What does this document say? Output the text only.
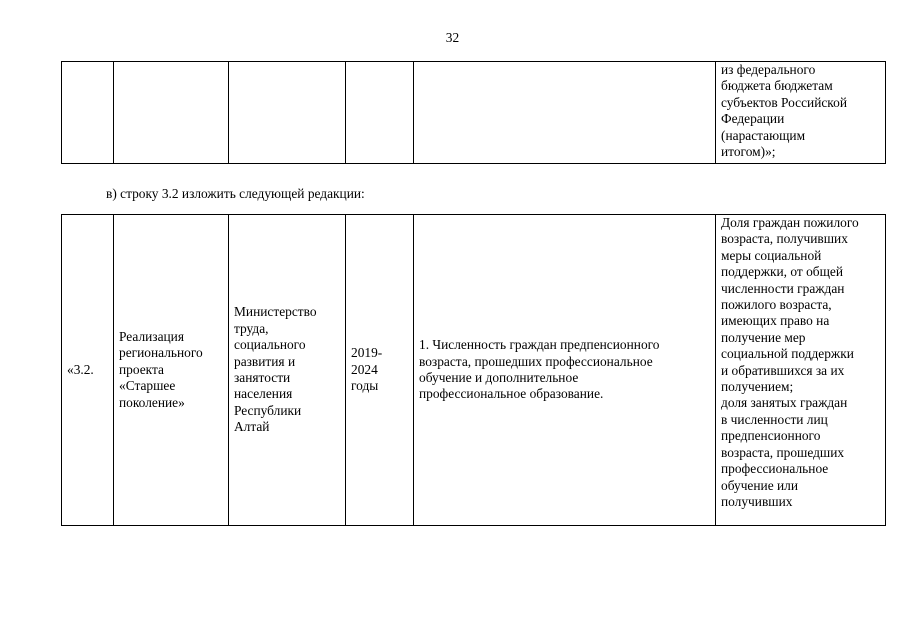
32
					из федерального
бюджета бюджетам
субъектов Российской
Федерации
(нарастающим
итогом)»;
в) строку 3.2 изложить следующей редакции:
«3.2.	Реализация
регионального
проекта
«Старшее
поколение»	Министерство
труда,
социального
развития и
занятости
населения
Республики
Алтай	2019-
2024
годы	1. Численность граждан предпенсионного
возраста, прошедших профессиональное
обучение и дополнительное
профессиональное образование.	Доля граждан пожилого
возраста, получивших
меры социальной
поддержки, от общей
численности граждан
пожилого возраста,
имеющих право на
получение мер
социальной поддержки
и обратившихся за их
получением;
доля занятых граждан
в численности лиц
предпенсионного
возраста, прошедших
профессиональное
обучение или
получивших
